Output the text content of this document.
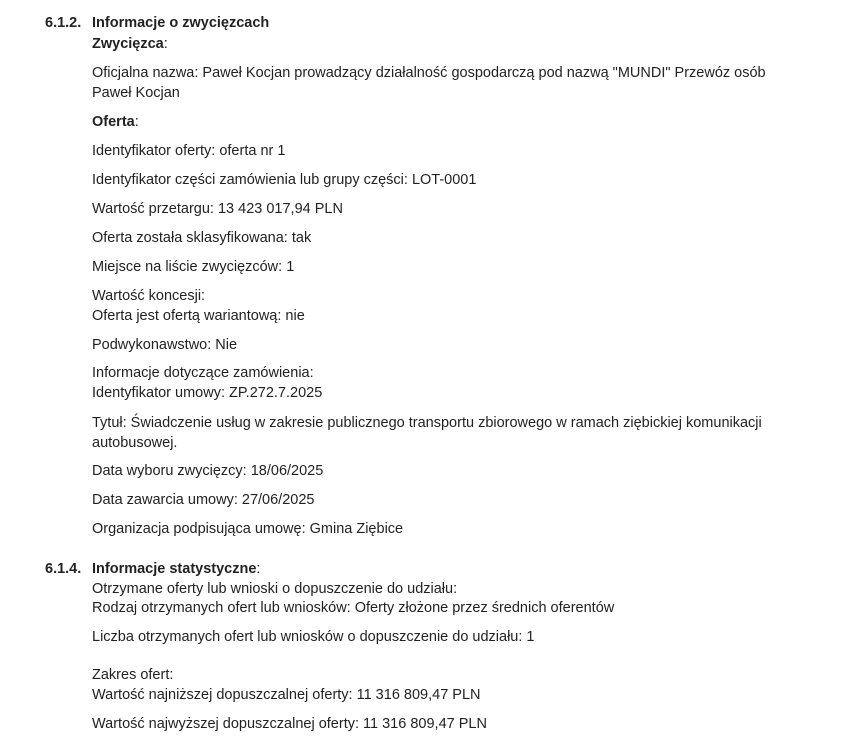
6.1.2. Informacje o zwycięzcach
Zwycięzca:
Oficjalna nazwa: Paweł Kocjan prowadzący działalność gospodarczą pod nazwą "MUNDI" Przewóz osób Paweł Kocjan
Oferta:
Identyfikator oferty: oferta nr 1
Identyfikator części zamówienia lub grupy części: LOT-0001
Wartość przetargu: 13 423 017,94 PLN
Oferta została sklasyfikowana: tak
Miejsce na liście zwycięzców: 1
Wartość koncesji:
Oferta jest ofertą wariantową: nie
Podwykonawstwo: Nie
Informacje dotyczące zamówienia:
Identyfikator umowy: ZP.272.7.2025
Tytuł: Świadczenie usług w zakresie publicznego transportu zbiorowego w ramach ziębickiej komunikacji autobusowej.
Data wyboru zwycięzcy: 18/06/2025
Data zawarcia umowy: 27/06/2025
Organizacja podpisująca umowę: Gmina Ziębice
6.1.4. Informacje statystyczne:
Otrzymane oferty lub wnioski o dopuszczenie do udziału:
Rodzaj otrzymanych ofert lub wniosków: Oferty złożone przez średnich oferentów
Liczba otrzymanych ofert lub wniosków o dopuszczenie do udziału: 1
Zakres ofert:
Wartość najniższej dopuszczalnej oferty: 11 316 809,47 PLN
Wartość najwyższej dopuszczalnej oferty: 11 316 809,47 PLN
